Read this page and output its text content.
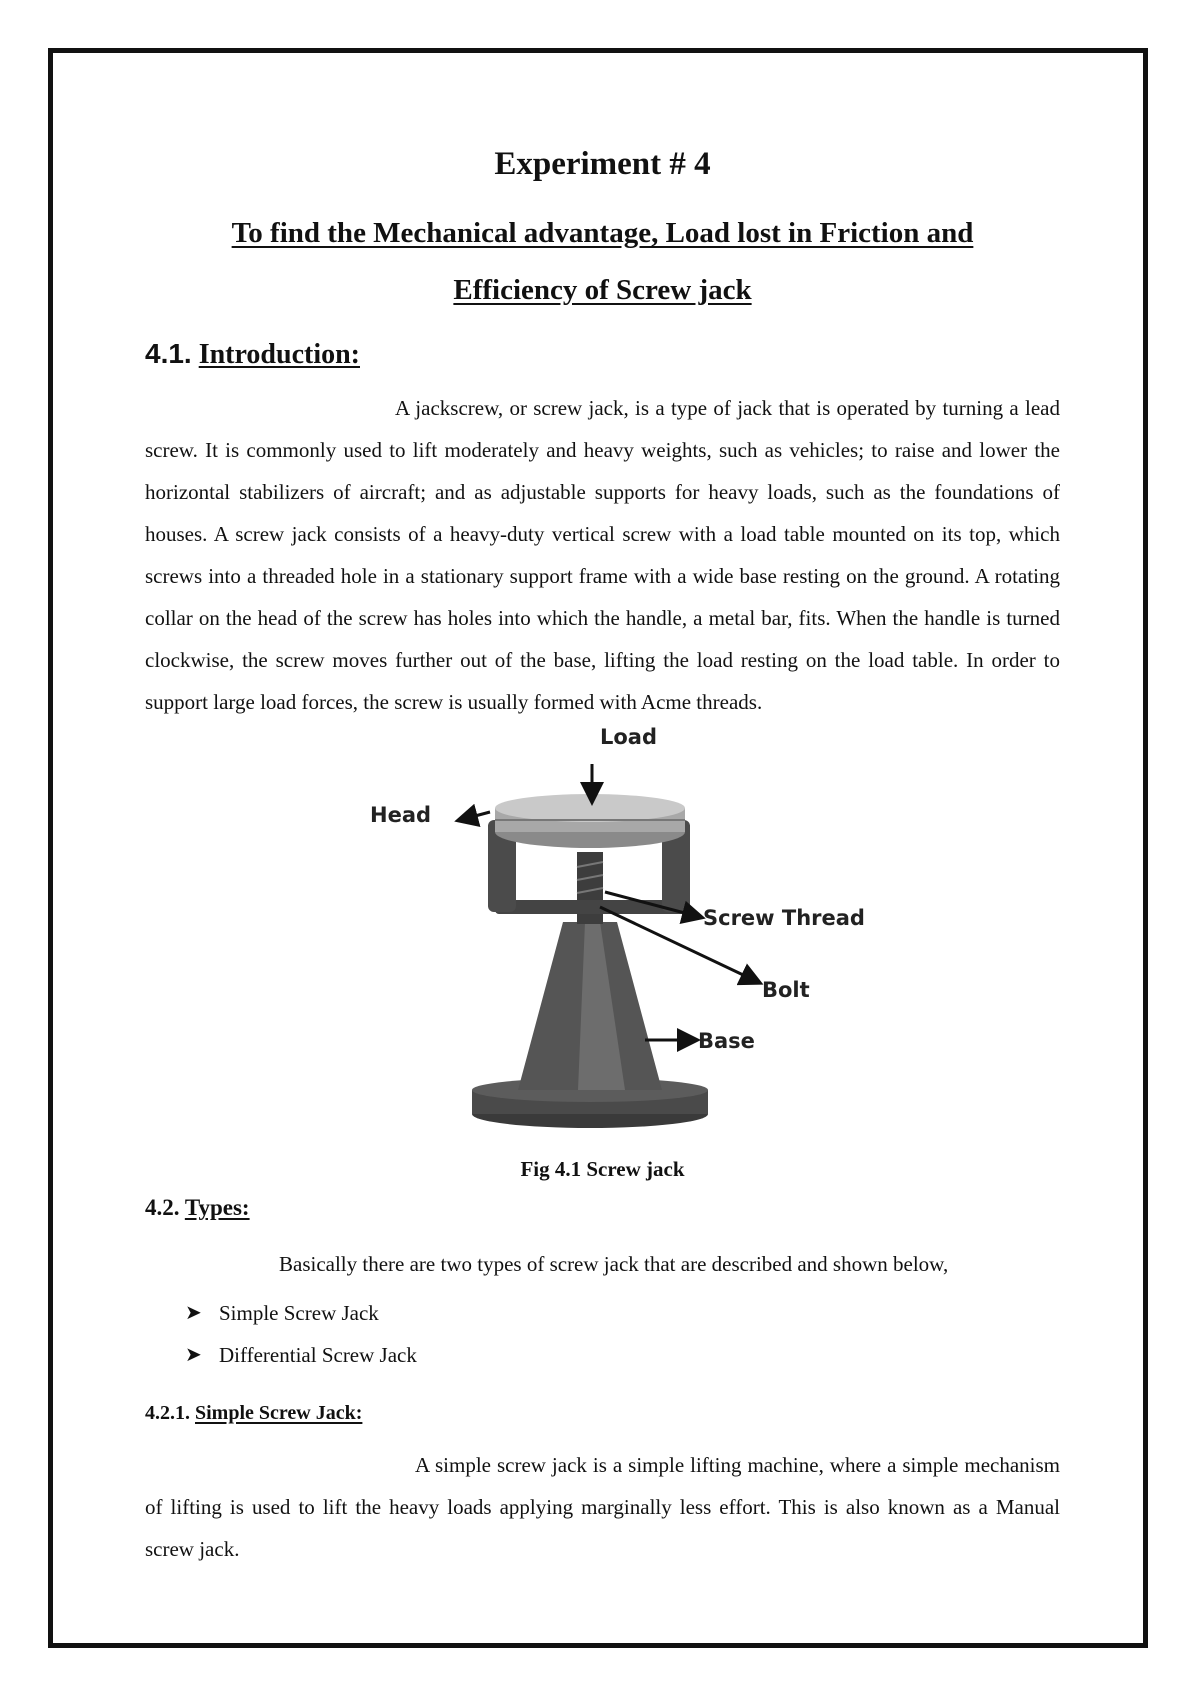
Experiment # 4
To find the Mechanical advantage, Load lost in Friction and
Efficiency of Screw jack
4.1. Introduction:

A jackscrew, or screw jack, is a type of jack that is operated by turning a lead screw. It is commonly used to lift moderately and heavy weights, such as vehicles; to raise and lower the horizontal stabilizers of aircraft; and as adjustable supports for heavy loads, such as the foundations of houses. A screw jack consists of a heavy-duty vertical screw with a load table mounted on its top, which screws into a threaded hole in a stationary support frame with a wide base resting on the ground. A rotating collar on the head of the screw has holes into which the handle, a metal bar, fits. When the handle is turned clockwise, the screw moves further out of the base, lifting the load resting on the load table. In order to support large load forces, the screw is usually formed with Acme threads.

Load
Head
Screw Thread
Bolt
Base

Fig 4.1 Screw jack

4.2. Types:

Basically there are two types of screw jack that are described and shown below,

➤ Simple Screw Jack
➤ Differential Screw Jack
4.2.1. Simple Screw Jack:

A simple screw jack is a simple lifting machine, where a simple mechanism of lifting is used to lift the heavy loads applying marginally less effort. This is also known as a Manual screw jack.
